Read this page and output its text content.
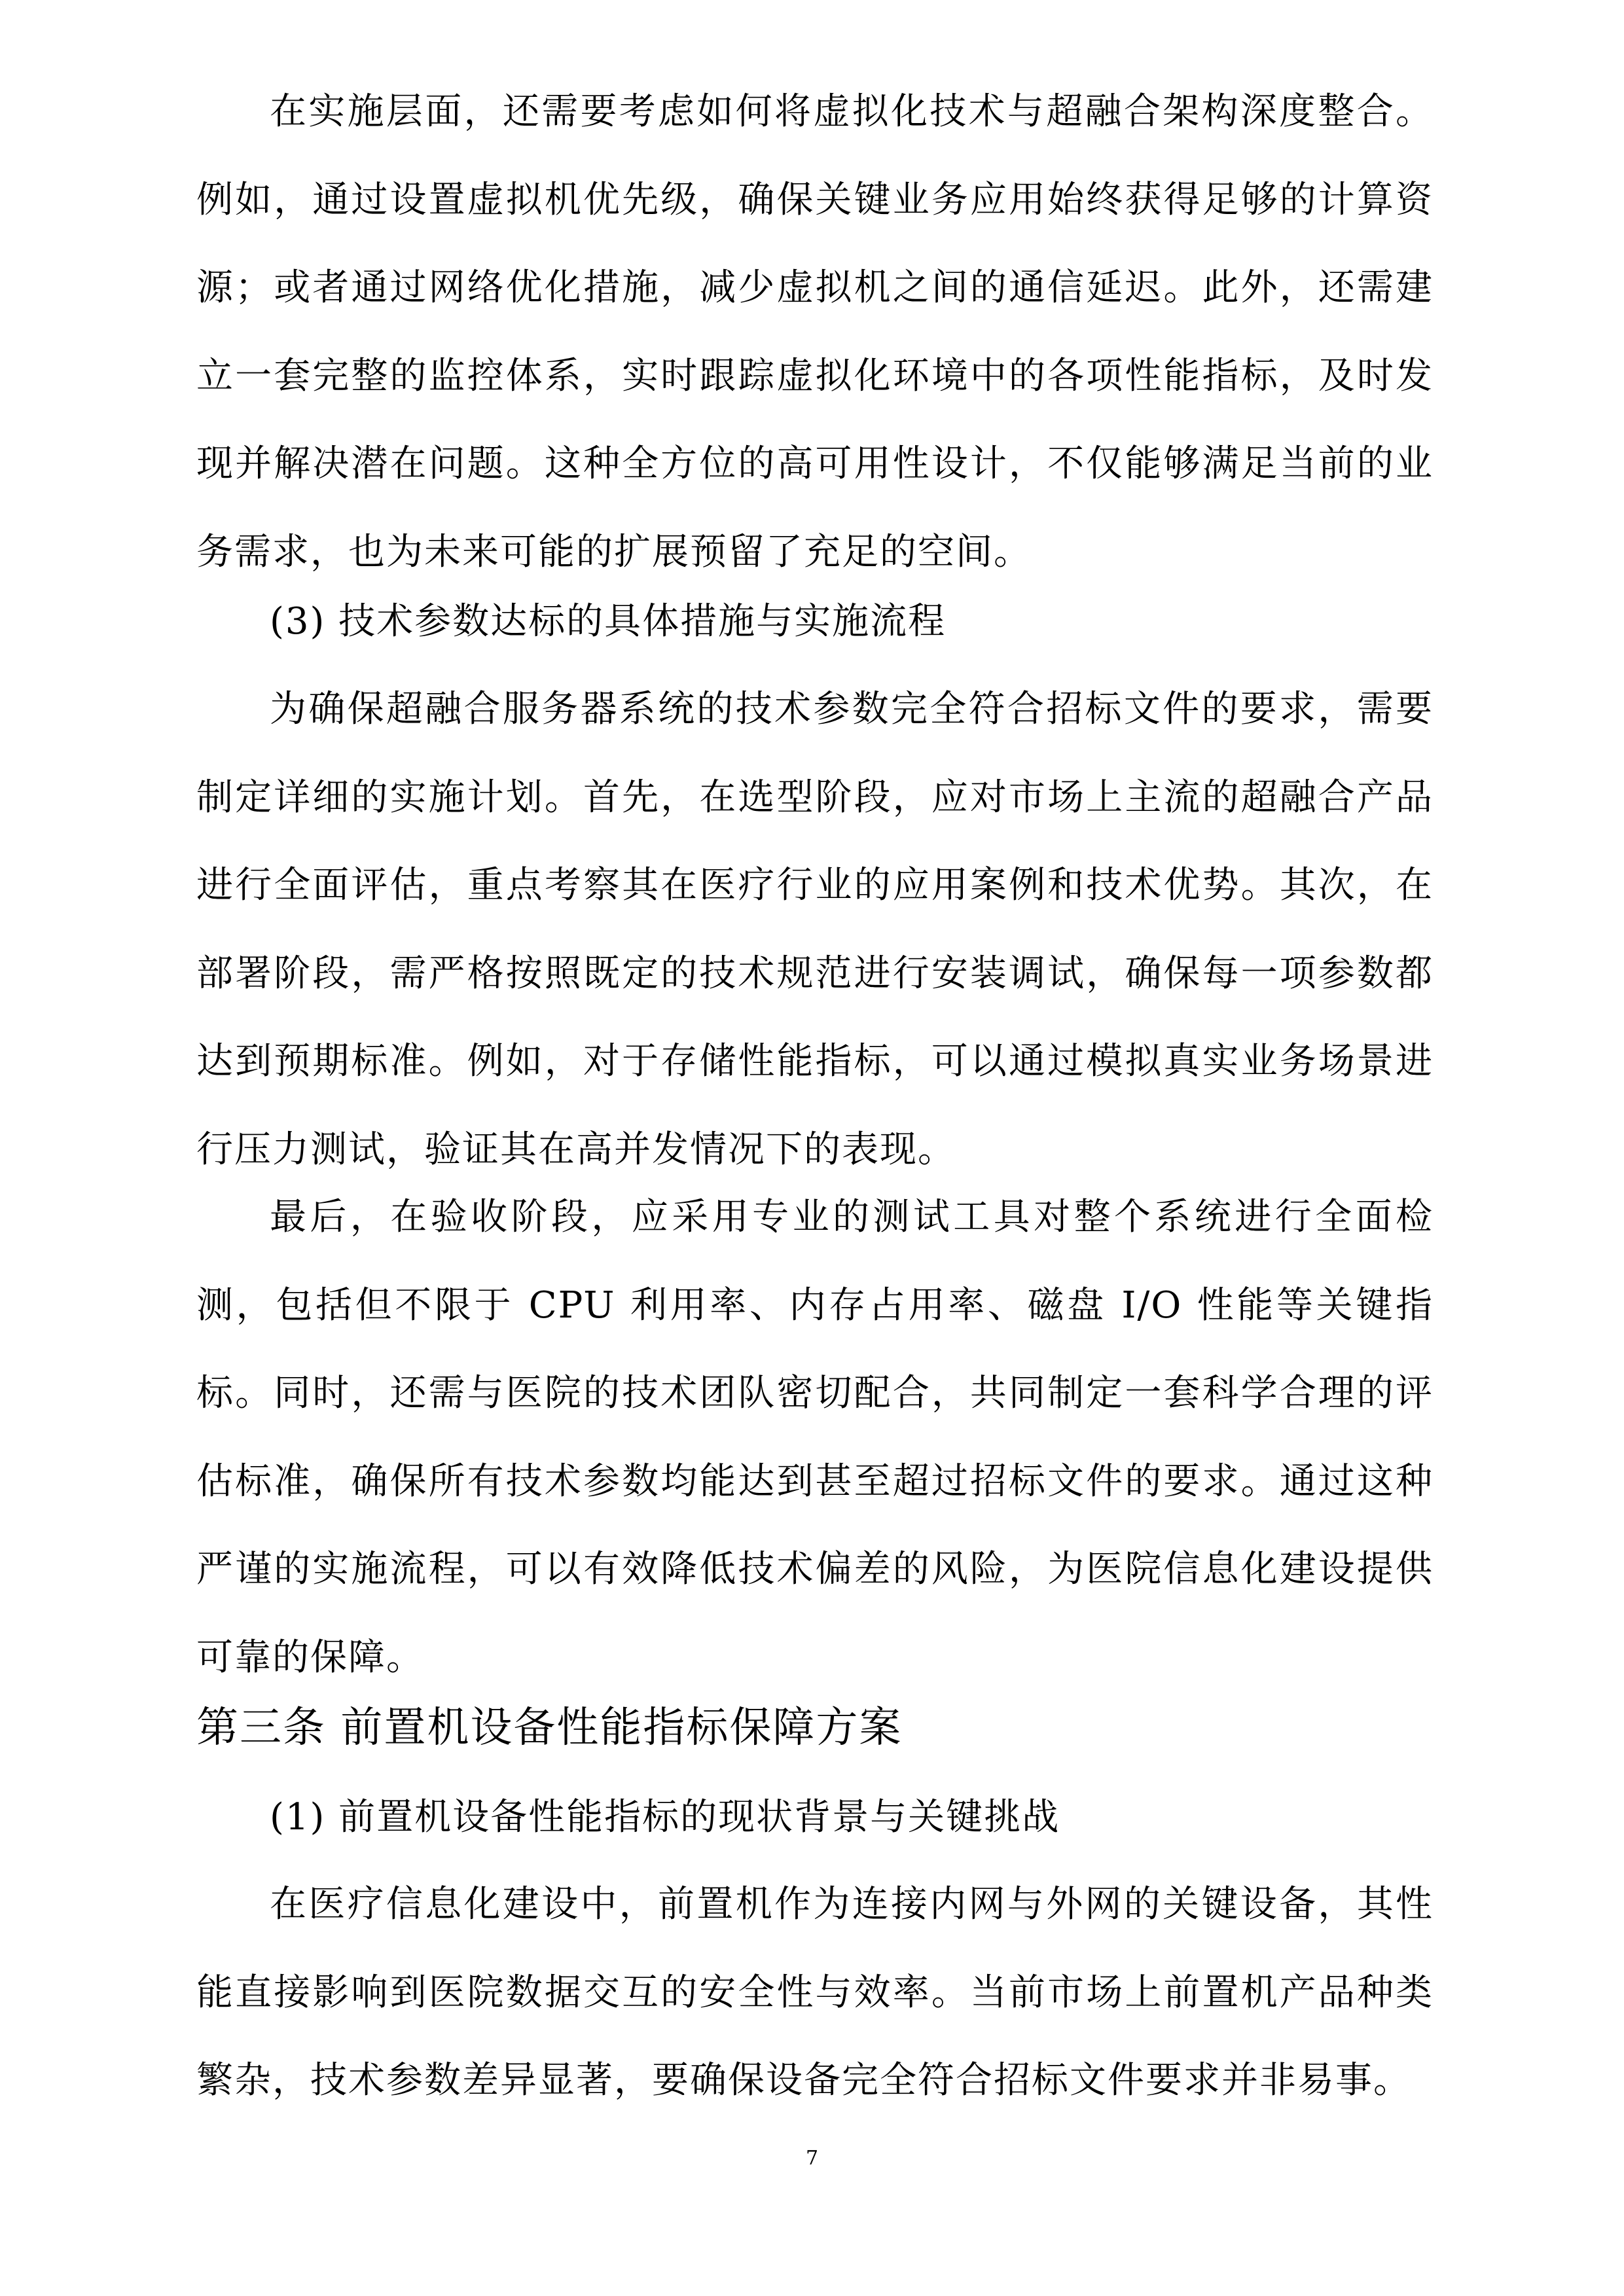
在实施层面，还需要考虑如何将虚拟化技术与超融合架构深度整合。例如，通过设置虚拟机优先级，确保关键业务应用始终获得足够的计算资源；或者通过网络优化措施，减少虚拟机之间的通信延迟。此外，还需建立一套完整的监控体系，实时跟踪虚拟化环境中的各项性能指标，及时发现并解决潜在问题。这种全方位的高可用性设计，不仅能够满足当前的业务需求，也为未来可能的扩展预留了充足的空间。

(3) 技术参数达标的具体措施与实施流程

为确保超融合服务器系统的技术参数完全符合招标文件的要求，需要制定详细的实施计划。首先，在选型阶段，应对市场上主流的超融合产品进行全面评估，重点考察其在医疗行业的应用案例和技术优势。其次，在部署阶段，需严格按照既定的技术规范进行安装调试，确保每一项参数都达到预期标准。例如，对于存储性能指标，可以通过模拟真实业务场景进行压力测试，验证其在高并发情况下的表现。

最后，在验收阶段，应采用专业的测试工具对整个系统进行全面检测，包括但不限于 CPU 利用率、内存占用率、磁盘 I/O 性能等关键指标。同时，还需与医院的技术团队密切配合，共同制定一套科学合理的评估标准，确保所有技术参数均能达到甚至超过招标文件的要求。通过这种严谨的实施流程，可以有效降低技术偏差的风险，为医院信息化建设提供可靠的保障。

第三条 前置机设备性能指标保障方案

(1) 前置机设备性能指标的现状背景与关键挑战

在医疗信息化建设中，前置机作为连接内网与外网的关键设备，其性能直接影响到医院数据交互的安全性与效率。当前市场上前置机产品种类繁杂，技术参数差异显著，要确保设备完全符合招标文件要求并非易事。

7
